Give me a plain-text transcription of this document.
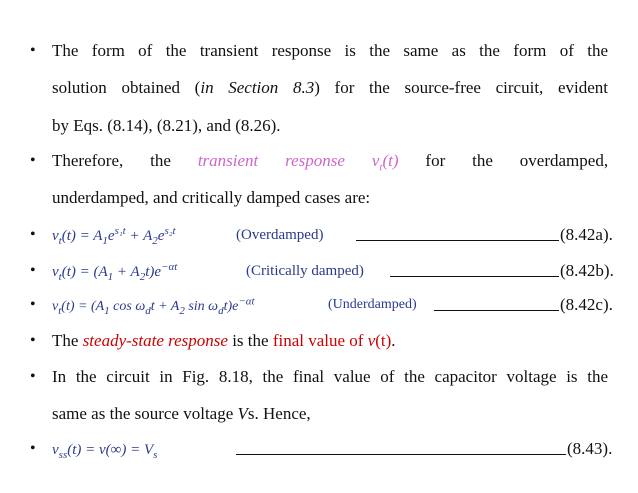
• The form of the transient response is the same as the form of the
solution obtained (in Section 8.3) for the source-free circuit, evident
by Eqs. (8.14), (8.21), and (8.26).
• Therefore, the transient response $v_t(t)$ for the overdamped,
underdamped, and critically damped cases are:
• $v_t(t) = A_1e^{s_1t} + A_2e^{s_2t}$	(Overdamped)	(8.42a).
• $v_t(t) = (A_1 + A_2t)e^{-\alpha t}$	(Critically damped)	(8.42b).
• $v_t(t) = (A_1$ $\cos \omega_dt + A_2$ $\sin \omega_dt)e^{-\alpha t}$	(Underdamped)	(8.42c).
• The steady-state response is the final value of v(t).
• In the circuit in Fig. 8.18, the final value of the capacitor voltage is the
same as the source voltage Vs. Hence,
• $v_{ss}(t) = v(\infty) = V_s$	(8.43).
